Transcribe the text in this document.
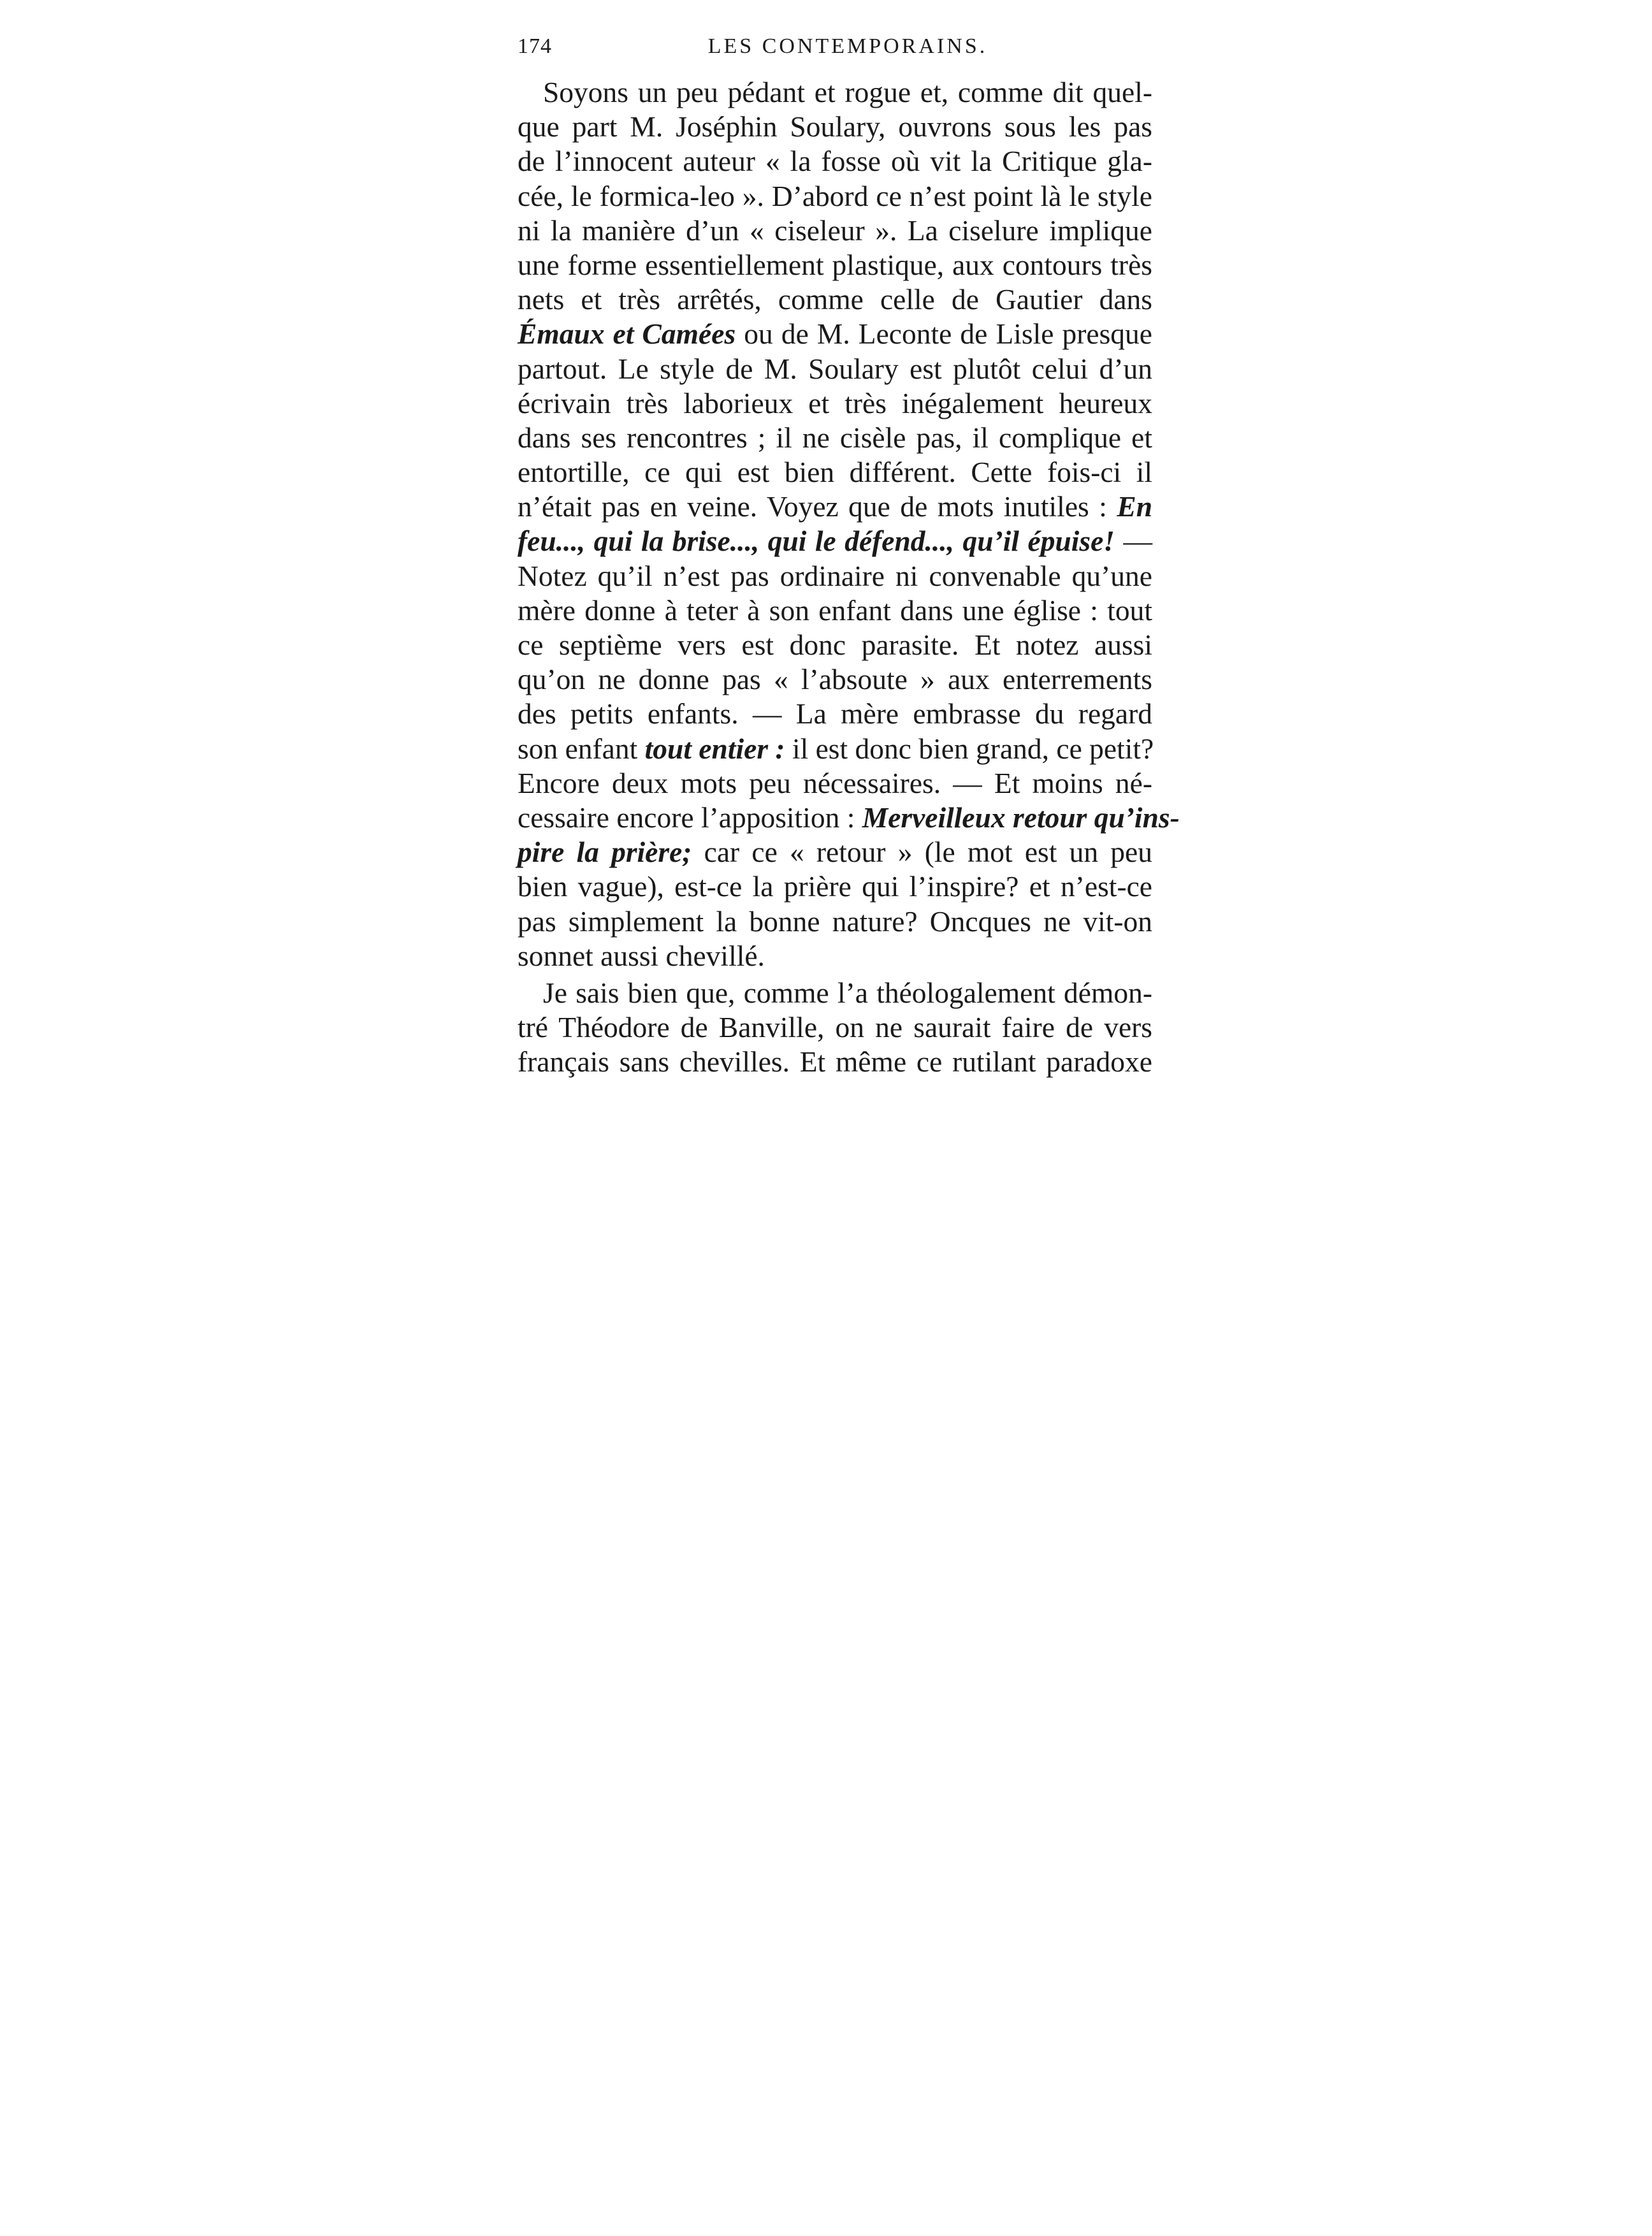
174	LES CONTEMPORAINS.
Soyons un peu pédant et rogue et, comme dit quel-
que part M. Joséphin Soulary, ouvrons sous les pas
de l’innocent auteur « la fosse où vit la Critique gla-
cée, le formica-leo ». D’abord ce n’est point là le style
ni la manière d’un « ciseleur ». La ciselure implique
une forme essentiellement plastique, aux contours très
nets et très arrêtés, comme celle de Gautier dans
Émaux et Camées ou de M. Leconte de Lisle presque
partout. Le style de M. Soulary est plutôt celui d’un
écrivain très laborieux et très inégalement heureux
dans ses rencontres ; il ne cisèle pas, il complique et
entortille, ce qui est bien différent. Cette fois-ci il
n’était pas en veine. Voyez que de mots inutiles : En
feu..., qui la brise..., qui le défend..., qu’il épuise! —
Notez qu’il n’est pas ordinaire ni convenable qu’une
mère donne à teter à son enfant dans une église : tout
ce septième vers est donc parasite. Et notez aussi
qu’on ne donne pas « l’absoute » aux enterrements
des petits enfants. — La mère embrasse du regard
son enfant tout entier : il est donc bien grand, ce petit?
Encore deux mots peu nécessaires. — Et moins né-
cessaire encore l’apposition : Merveilleux retour qu’ins-
pire la prière; car ce « retour » (le mot est un peu
bien vague), est-ce la prière qui l’inspire? et n’est-ce
pas simplement la bonne nature? Oncques ne vit-on
sonnet aussi chevillé.
Je sais bien que, comme l’a théologalement démon-
tré Théodore de Banville, on ne saurait faire de vers
français sans chevilles. Et même ce rutilant paradoxe
